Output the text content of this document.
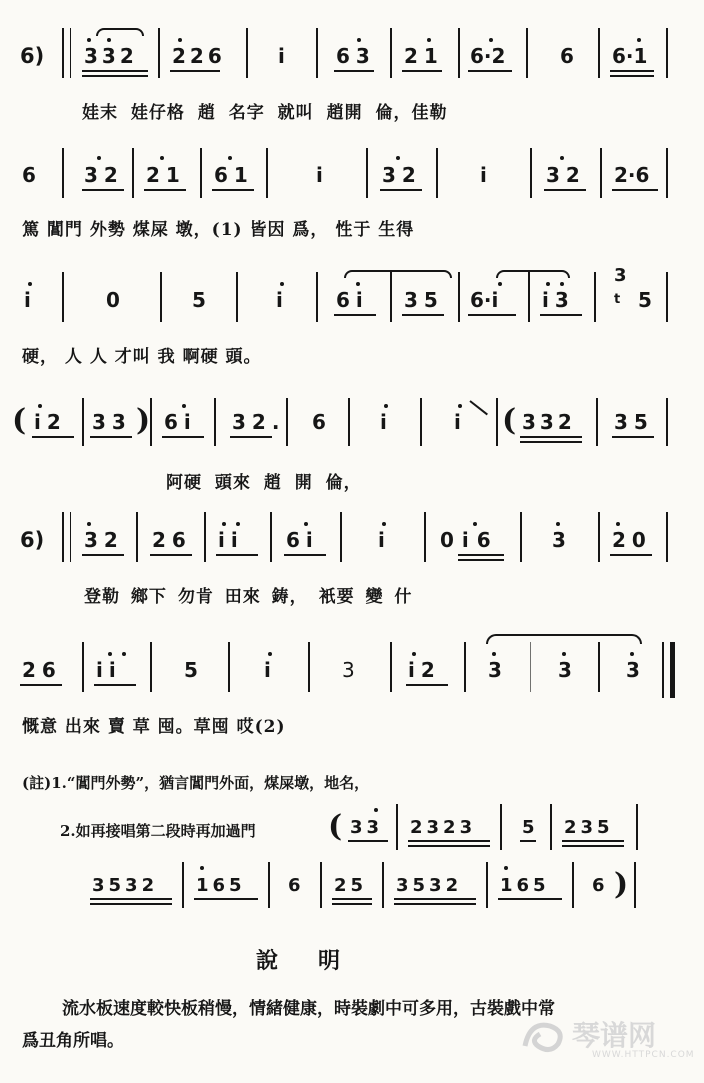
6) 332 226	i	63 21 6·2	6 6·1
娃末 娃仔格 趙 名字 就叫 趙開 倫，佳勒
6 32 21 61	i	32	i	32 2·6
篤 閶門 外勢 煤屎 墩，(1) 皆因 爲， 性于 生得
i	0	5	i	6i 35 6·i i3
3
t 5
硬， 人 人 才叫 我 啊硬 頭。
( i2 33 ) 6i 32. 6	i	i ( 332 35
阿硬 頭來 趙 開 倫，
6) 32 26 ii 6i	i	0i6	3 20
登勒 鄉下 勿肯 田來 鋳， 衹要 變 什
26 ii	5	i	3	i2 3	3	3
慨意 出來 賣 草 囤。草囤 哎(2)
(註)1.“閶門外勢”，猶言閶門外面，煤屎墩，地名，
2.如再接唱第二段時再加過門 ( 33 2323	5 235
3532 165 6 25 3532 165 6 )
說明
流水板速度較快板稍慢，情緒健康，時裝劇中可多用，古裝戲中常
爲丑角所唱。	琴谱网
WWW.HTTPCN.COM
